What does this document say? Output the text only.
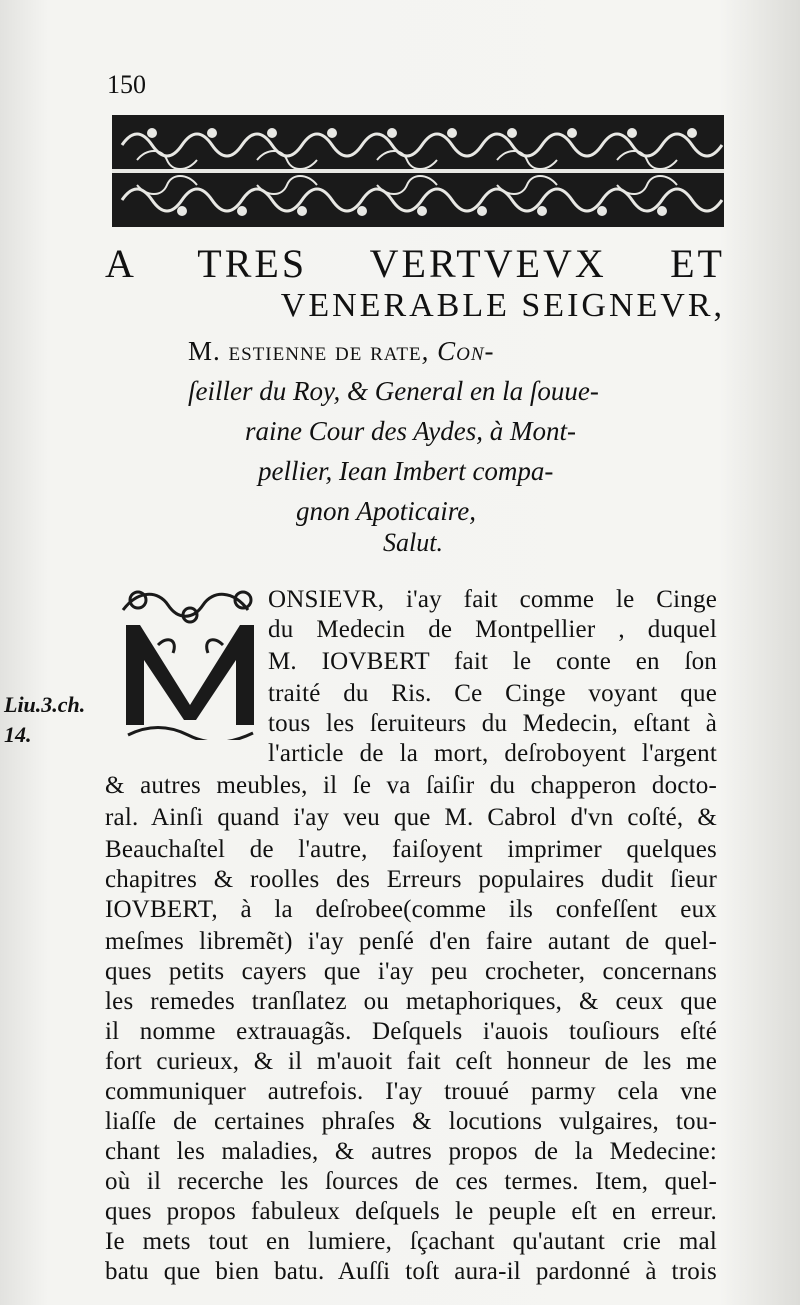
150
A TRES VERTVEVX ET
VENERABLE SEIGNEVR,
M. estienne de rate, Con-
ſeiller du Roy, & General en la ſouue-
raine Cour des Aydes, à Mont-
pellier, Iean Imbert compa-
gnon Apoticaire,
Salut.
Liu.3.ch.
14.
ONSIEVR, i'ay fait comme le Cinge
du Medecin de Montpellier , duquel
M. IOVBERT fait le conte en ſon
traité du Ris. Ce Cinge voyant que
tous les ſeruiteurs du Medecin, eſtant à
l'article de la mort, deſroboyent l'argent
& autres meubles, il ſe va ſaiſir du chapperon docto-
ral. Ainſi quand i'ay veu que M. Cabrol d'vn coſté, &
Beauchaſtel de l'autre, faiſoyent imprimer quelques
chapitres & roolles des Erreurs populaires dudit ſieur
IOVBERT, à la deſrobee(comme ils confeſſent eux
meſmes libremẽt) i'ay penſé d'en faire autant de quel-
ques petits cayers que i'ay peu crocheter, concernans
les remedes tranſlatez ou metaphoriques, & ceux que
il nomme extrauagãs. Deſquels i'auois touſiours eſté
fort curieux, & il m'auoit fait ceſt honneur de les me
communiquer autrefois. I'ay trouué parmy cela vne
liaſſe de certaines phraſes & locutions vulgaires, tou-
chant les maladies, & autres propos de la Medecine:
où il recerche les ſources de ces termes. Item, quel-
ques propos fabuleux deſquels le peuple eſt en erreur.
Ie mets tout en lumiere, ſçachant qu'autant crie mal
batu que bien batu. Auſſi toſt aura-il pardonné à trois
